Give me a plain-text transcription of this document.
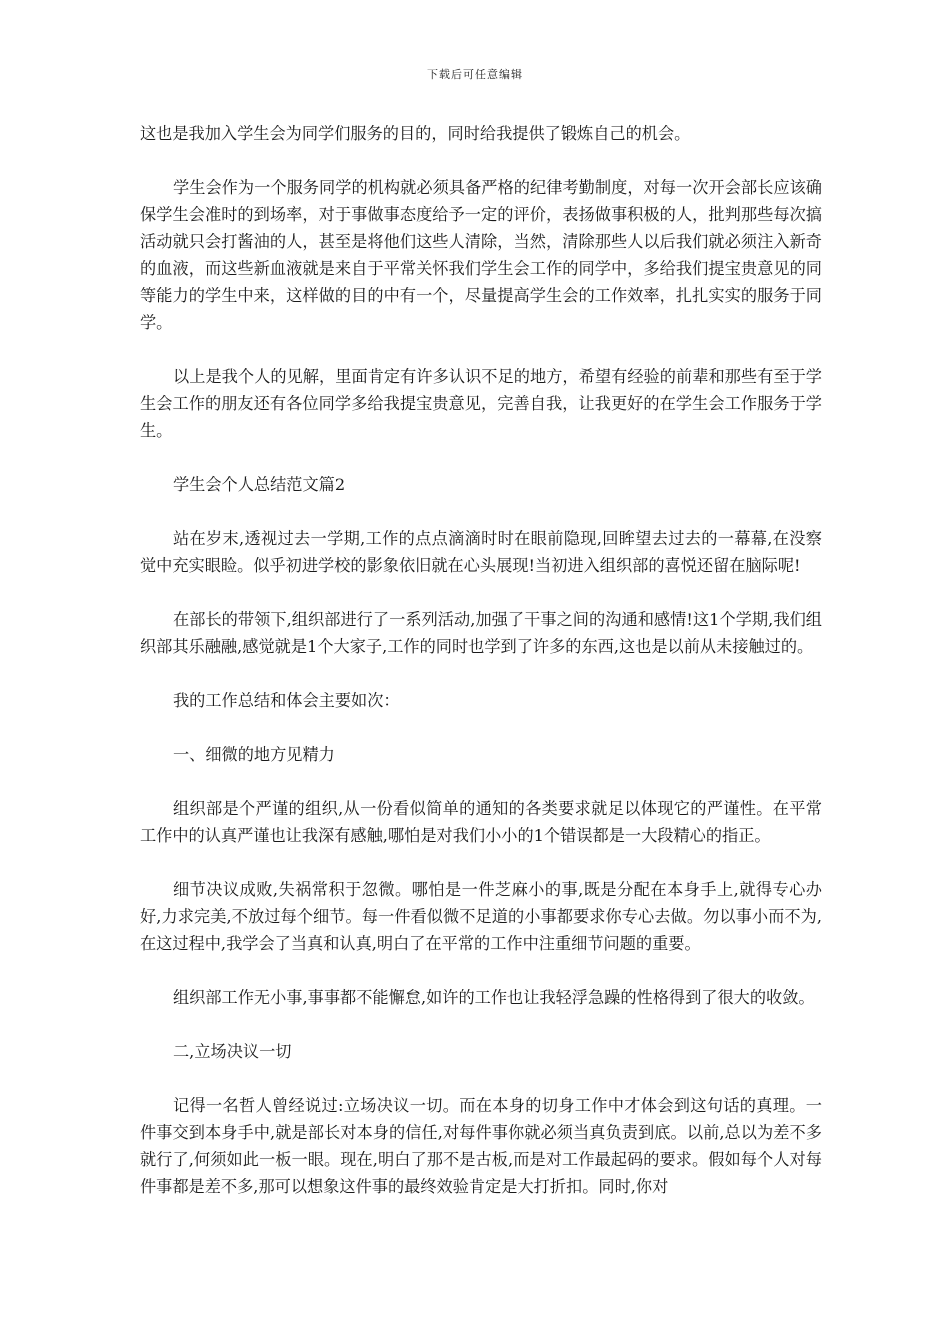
下载后可任意编辑

这也是我加入学生会为同学们服务的目的，同时给我提供了锻炼自己的机会。

学生会作为一个服务同学的机构就必须具备严格的纪律考勤制度，对每一次开会部长应该确保学生会准时的到场率，对于事做事态度给予一定的评价，表扬做事积极的人，批判那些每次搞活动就只会打酱油的人，甚至是将他们这些人清除，当然，清除那些人以后我们就必须注入新奇的血液，而这些新血液就是来自于平常关怀我们学生会工作的同学中，多给我们提宝贵意见的同等能力的学生中来，这样做的目的中有一个，尽量提高学生会的工作效率，扎扎实实的服务于同学。

以上是我个人的见解，里面肯定有许多认识不足的地方，希望有经验的前辈和那些有至于学生会工作的朋友还有各位同学多给我提宝贵意见，完善自我，让我更好的在学生会工作服务于学生。

学生会个人总结范文篇2

站在岁末,透视过去一学期,工作的点点滴滴时时在眼前隐现,回眸望去过去的一幕幕,在没察觉中充实眼睑。似乎初进学校的影象依旧就在心头展现!当初进入组织部的喜悦还留在脑际呢!

在部长的带领下,组织部进行了一系列活动,加强了干事之间的沟通和感情!这1个学期,我们组织部其乐融融,感觉就是1个大家子,工作的同时也学到了许多的东西,这也是以前从未接触过的。

我的工作总结和体会主要如次：

一、细微的地方见精力

组织部是个严谨的组织,从一份看似简单的通知的各类要求就足以体现它的严谨性。在平常工作中的认真严谨也让我深有感触,哪怕是对我们小小的1个错误都是一大段精心的指正。

细节决议成败,失祸常积于忽微。哪怕是一件芝麻小的事,既是分配在本身手上,就得专心办好,力求完美,不放过每个细节。每一件看似微不足道的小事都要求你专心去做。勿以事小而不为,在这过程中,我学会了当真和认真,明白了在平常的工作中注重细节问题的重要。

组织部工作无小事,事事都不能懈怠,如许的工作也让我轻浮急躁的性格得到了很大的收敛。

二,立场决议一切

记得一名哲人曾经说过:立场决议一切。而在本身的切身工作中才体会到这句话的真理。一件事交到本身手中,就是部长对本身的信任,对每件事你就必须当真负责到底。以前,总以为差不多就行了,何须如此一板一眼。现在,明白了那不是古板,而是对工作最起码的要求。假如每个人对每件事都是差不多,那可以想象这件事的最终效验肯定是大打折扣。同时,你对
